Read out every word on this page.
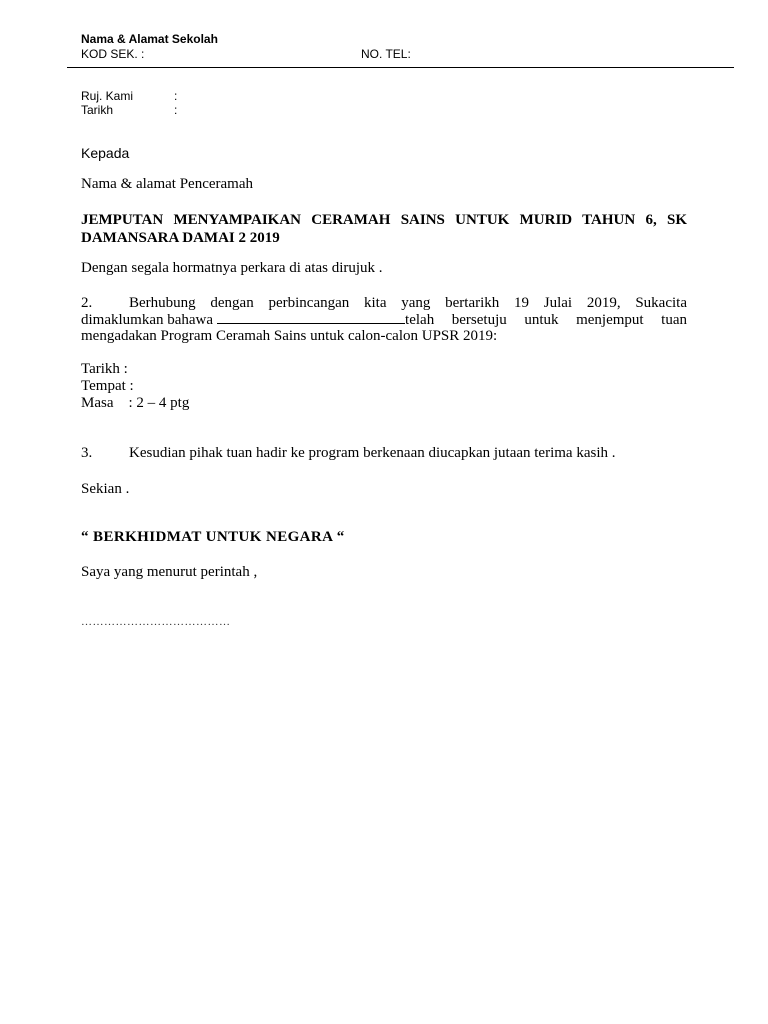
Nama & Alamat Sekolah
KOD SEK. :	NO. TEL:
Ruj. Kami	:
Tarikh	:
Kepada
Nama & alamat Penceramah
JEMPUTAN MENYAMPAIKAN CERAMAH SAINS UNTUK MURID TAHUN 6, SK DAMANSARA DAMAI 2 2019
Dengan segala hormatnya perkara di atas dirujuk .
2.	Berhubung dengan perbincangan kita yang bertarikh 19 Julai 2019, Sukacita
dimaklumkan bahawa	telah bersetuju untuk menjemput tuan
mengadakan Program Ceramah Sains untuk calon-calon UPSR 2019:
Tarikh :
Tempat :
Masa    : 2 – 4 ptg
3. Kesudian pihak tuan hadir ke program berkenaan diucapkan jutaan terima kasih .
Sekian .
“ BERKHIDMAT UNTUK NEGARA “
Saya yang menurut perintah ,
…………………………………
